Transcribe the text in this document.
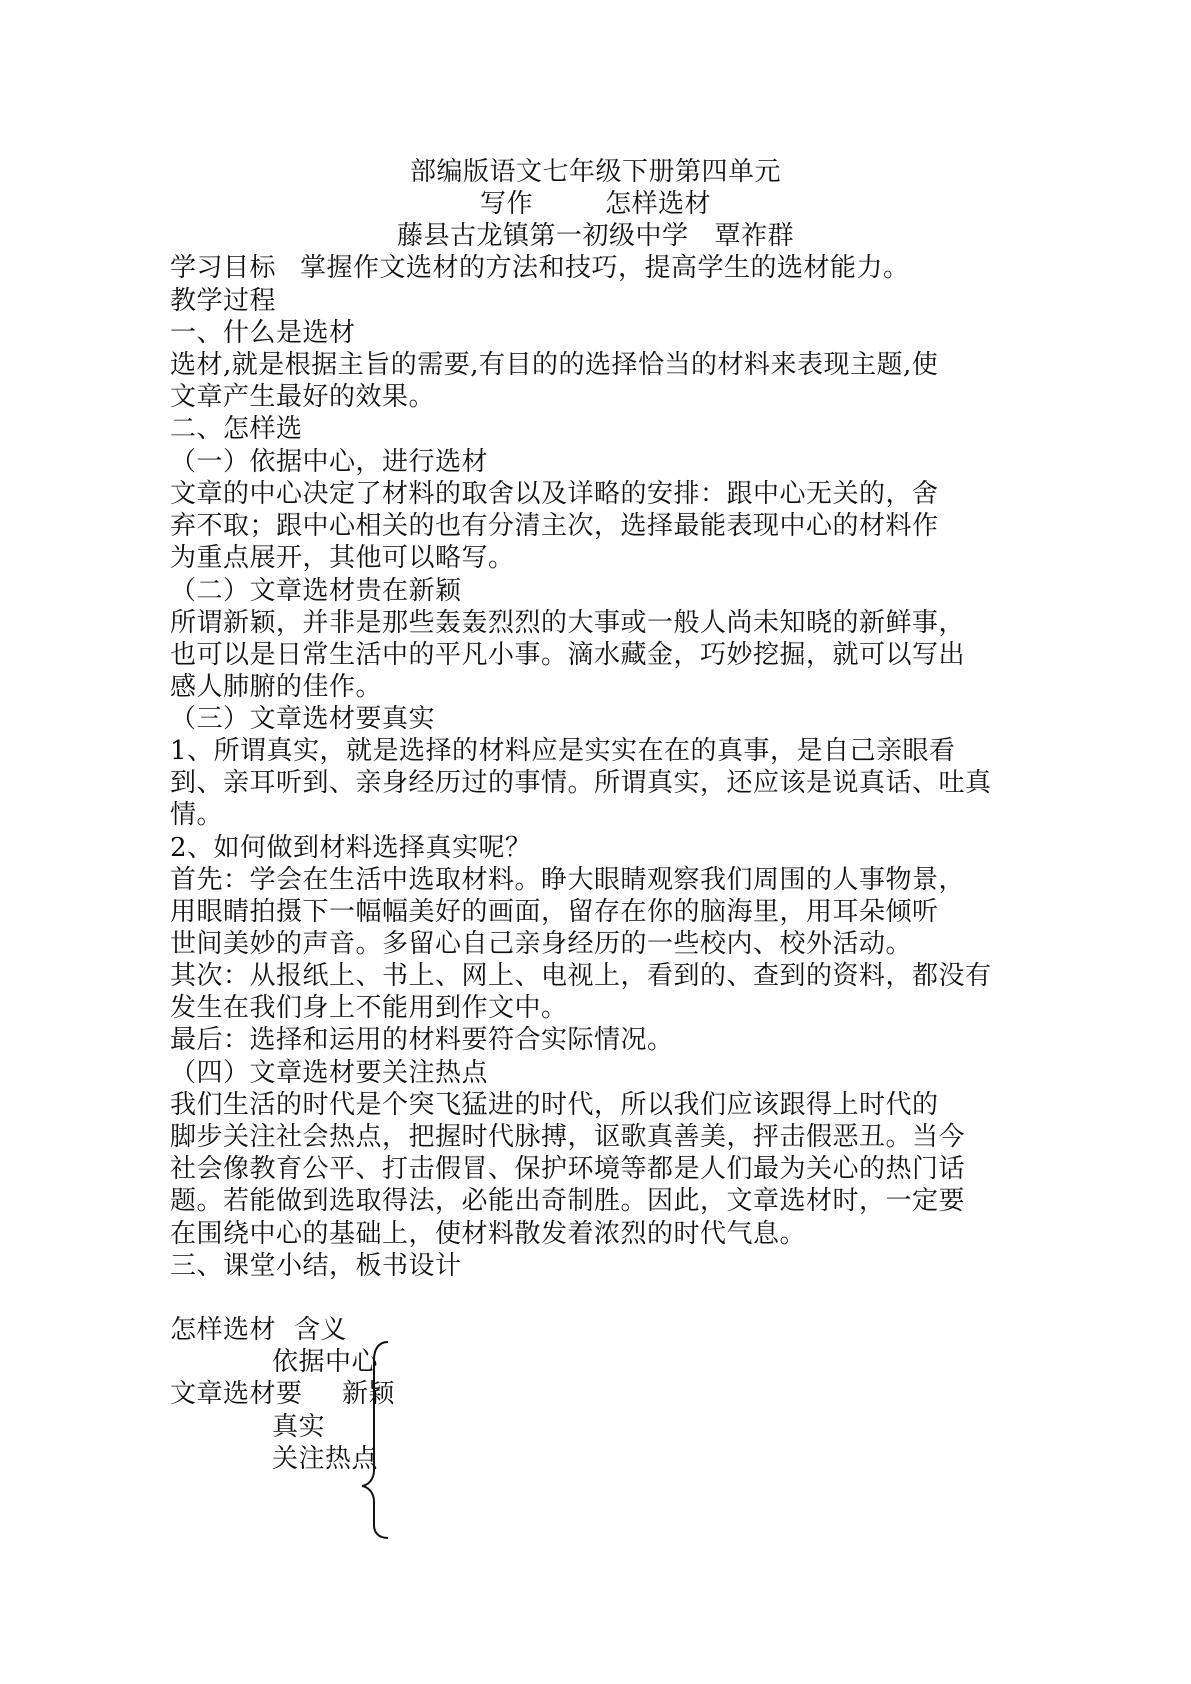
部编版语文七年级下册第四单元
写作	怎样选材
藤县古龙镇第一初级中学 覃祚群
学习目标 掌握作文选材的方法和技巧，提高学生的选材能力。
教学过程
一、什么是选材
选材,就是根据主旨的需要,有目的的选择恰当的材料来表现主题,使
文章产生最好的效果。
二、怎样选
（一）依据中心，进行选材
文章的中心决定了材料的取舍以及详略的安排：跟中心无关的，舍
弃不取；跟中心相关的也有分清主次，选择最能表现中心的材料作
为重点展开，其他可以略写。
（二）文章选材贵在新颖
所谓新颖，并非是那些轰轰烈烈的大事或一般人尚未知晓的新鲜事，
也可以是日常生活中的平凡小事。滴水藏金，巧妙挖掘，就可以写出
感人肺腑的佳作。
（三）文章选材要真实
1、所谓真实，就是选择的材料应是实实在在的真事，是自己亲眼看
到、亲耳听到、亲身经历过的事情。所谓真实，还应该是说真话、吐真
情。
2、如何做到材料选择真实呢？
首先：学会在生活中选取材料。睁大眼睛观察我们周围的人事物景，
用眼睛拍摄下一幅幅美好的画面，留存在你的脑海里，用耳朵倾听
世间美妙的声音。多留心自己亲身经历的一些校内、校外活动。
其次：从报纸上、书上、网上、电视上，看到的、查到的资料，都没有
发生在我们身上不能用到作文中。
最后：选择和运用的材料要符合实际情况。
（四）文章选材要关注热点
我们生活的时代是个突飞猛进的时代，所以我们应该跟得上时代的
脚步关注社会热点，把握时代脉搏，讴歌真善美，抨击假恶丑。当今
社会像教育公平、打击假冒、保护环境等都是人们最为关心的热门话
题。若能做到选取得法，必能出奇制胜。因此，文章选材时，一定要
在围绕中心的基础上，使材料散发着浓烈的时代气息。
三、课堂小结，板书设计
怎样选材 含义
依据中心
文章选材要 新颖
真实
关注热点
